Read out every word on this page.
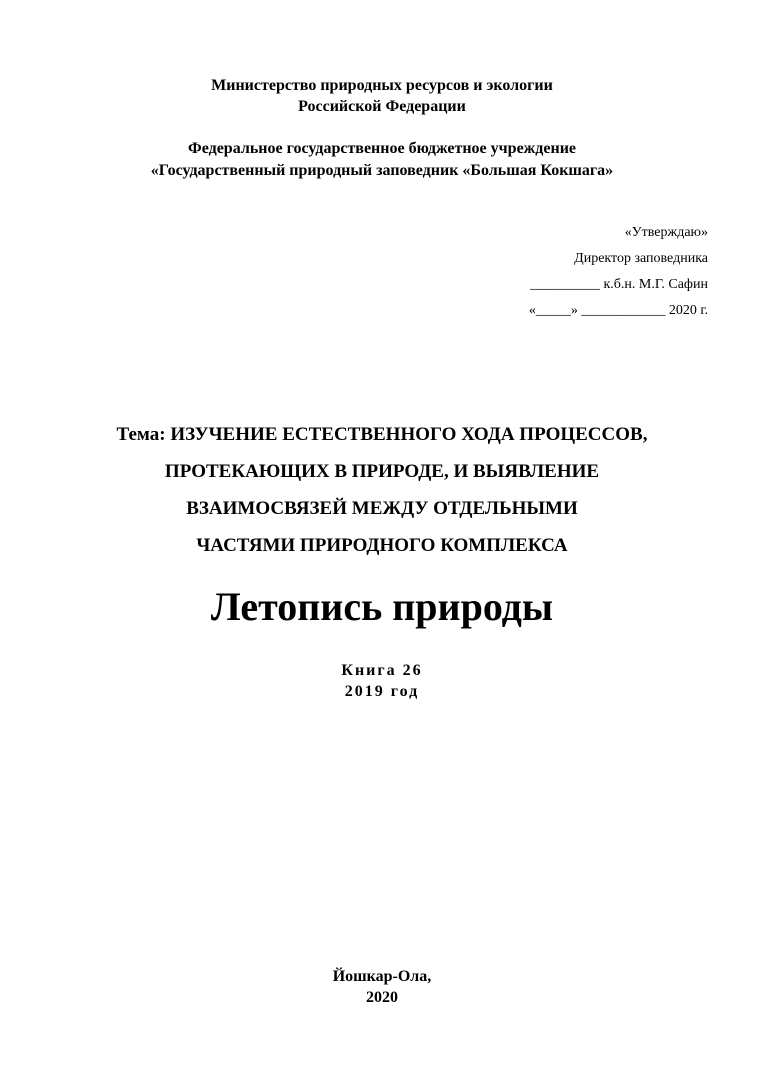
Министерство природных ресурсов и экологии
Российской Федерации
Федеральное государственное бюджетное учреждение
«Государственный природный заповедник «Большая Кокшага»
«Утверждаю»
Директор заповедника
__________ к.б.н. М.Г. Сафин
«_____» ____________ 2020 г.
Тема: ИЗУЧЕНИЕ ЕСТЕСТВЕННОГО ХОДА ПРОЦЕССОВ,
ПРОТЕКАЮЩИХ В ПРИРОДЕ, И ВЫЯВЛЕНИЕ
ВЗАИМОСВЯЗЕЙ МЕЖДУ ОТДЕЛЬНЫМИ
ЧАСТЯМИ ПРИРОДНОГО КОМПЛЕКСА
Летопись природы
Книга 26
2019 год
Йошкар-Ола,
2020
